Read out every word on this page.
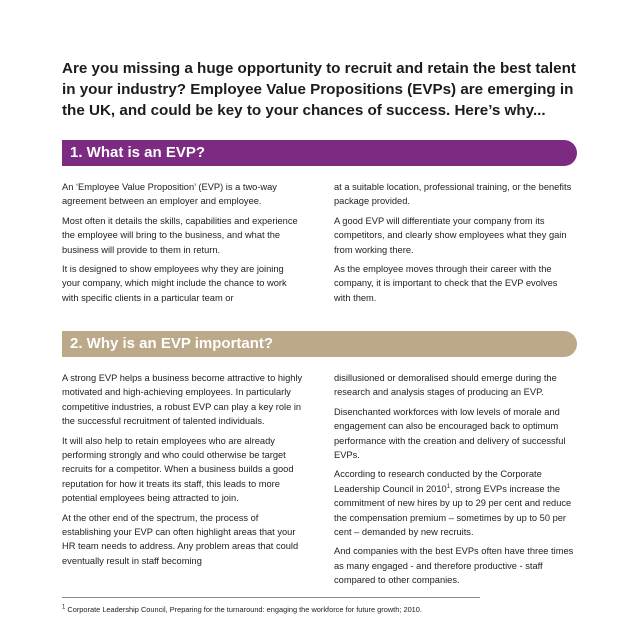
Are you missing a huge opportunity to recruit and retain the best talent in your industry? Employee Value Propositions (EVPs) are emerging in the UK, and could be key to your chances of success. Here’s why...

1. What is an EVP?

An ‘Employee Value Proposition’ (EVP) is a two-way agreement between an employer and employee.

Most often it details the skills, capabilities and experience the employee will bring to the business, and what the business will provide to them in return.

It is designed to show employees why they are joining your company, which might include the chance to work with specific clients in a particular team or

at a suitable location, professional training, or the benefits package provided.

A good EVP will differentiate your company from its competitors, and clearly show employees what they gain from working there.

As the employee moves through their career with the company, it is important to check that the EVP evolves with them.

2. Why is an EVP important?

A strong EVP helps a business become attractive to highly motivated and high-achieving employees. In particularly competitive industries, a robust EVP can play a key role in the successful recruitment of talented individuals.

It will also help to retain employees who are already performing strongly and who could otherwise be target recruits for a competitor. When a business builds a good reputation for how it treats its staff, this leads to more potential employees being attracted to join.

At the other end of the spectrum, the process of establishing your EVP can often highlight areas that your HR team needs to address. Any problem areas that could eventually result in staff becoming

disillusioned or demoralised should emerge during the research and analysis stages of producing an EVP.

Disenchanted workforces with low levels of morale and engagement can also be encouraged back to optimum performance with the creation and delivery of successful EVPs.

According to research conducted by the Corporate Leadership Council in 2010$^1$, strong EVPs increase the commitment of new hires by up to 29 per cent and reduce the compensation premium – sometimes by up to 50 per cent – demanded by new recruits.

And companies with the best EVPs often have three times as many engaged - and therefore productive - staff compared to other companies.

$^1$ Corporate Leadership Council, Preparing for the turnaround: engaging the workforce for future growth; 2010.
